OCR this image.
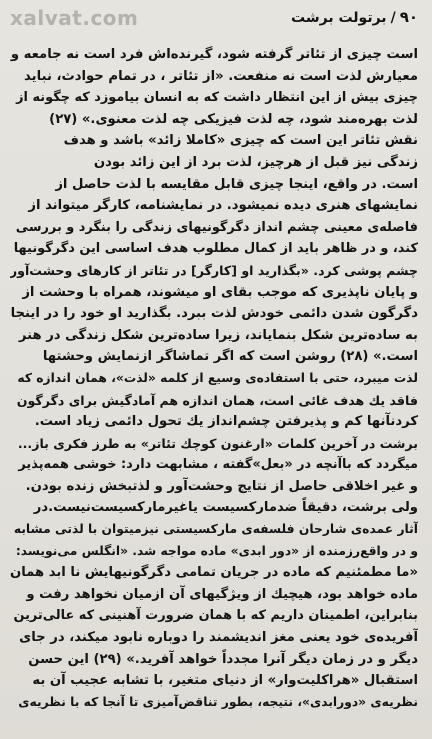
xalvat.com	۹۰/برتولت برشت
است چیزی از تئاتر گرفته شود، گیرنده‌اش فرد است نه جامعه و
معیارش لذت است نه منفعت. «از تئاتر ، در تمام حوادث، نباید
چیزی بیش از این انتظار داشت که به انسان بیاموزد که چگونه از
لذت بهره‌مند شود، چه لذت فیزیکی چه لذت معنوی.» (۲۷)
نقش تئاتر این است که چیزی «کاملا زائد» باشد و هدف
زندگی نیز قبل از هرچیز، لذت برد از این زائد بودن
است. در واقع، اینجا چیزی قابل مقایسه با لذت حاصل از
نمایشهای هنری دیده نمیشود. در نمایشنامه، کارگر میتواند از
فاصله‌ی معینی چشم انداز دگرگونیهای زندگی را بنگرد و بررسی
کند، و در ظاهر باید از کمال مطلوب هدف اساسی این دگرگونیها
چشم پوشی کرد. «بگذارید او [کارگر] در تئاتر از کارهای وحشت‌آور
و پایان ناپذیری که موجب بقای او میشوند، همراه با وحشت از
دگرگون شدن دائمی خودش لذت ببرد. بگذارید او خود را در اینجا
به ساده‌ترین شکل بنمایاند، زیرا ساده‌ترین شکل زندگی در هنر
است.» (۲۸) روشن است که اگر تماشاگر ازنمایش وحشتها
لذت میبرد، حتی با استفاده‌ی وسیع از کلمه «لذت»، همان اندازه که
فاقد یك هدف غائی است، همان اندازه هم آمادگیش برای دگرگون
کردنآنها کم و پذیرفتن چشم‌انداز یك تحول دائمی زیاد است.
برشت در آخرین کلمات «ارغنون کوچك تئاتر» به طرز فکری باز...
میگردد که باآنچه در «بعل»گفته ، مشابهت دارد: خوشی همه‌پذیر
و غیر اخلاقی حاصل از نتایج وحشت‌آور و لذتبخش زنده بودن.
ولی برشت، دقیقاً ضدمارکسیست یاغیرمارکسیست‌نیست.در
آثار عمده‌ی شارحان فلسفه‌ی مارکسیستی نیزمیتوان با لذتی مشابه
و در واقع‌رزمنده از «دور ابدی» ماده مواجه شد. «انگلس می‌نویسد:
«ما مطمئنیم که ماده در جریان تمامی دگرگونیهایش نا ابد همان
ماده خواهد بود، هیچیك از ویژگیهای آن ازمیان نخواهد رفت و
بنابراین، اطمینان داریم که با همان ضرورت آهنینی که عالی‌ترین
آفریده‌ی خود یعنی مغز اندیشمند را دوباره نابود میکند، در جای
دیگر و در زمان دیگر آنرا مجدداً خواهد آفرید.» (۲۹) این حسن
استقبال «هراکلیت‌وار» از دنیای متغیر، با تشابه عجیب آن به
نظریه‌ی «دورابدی»، نتیجه، بطور تناقض‌آمیزی تا آنجا که با نظریه‌ی
